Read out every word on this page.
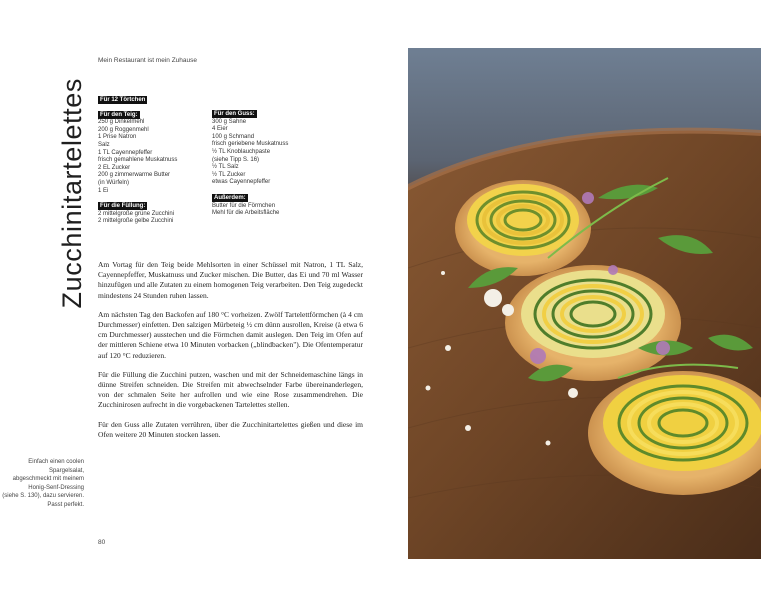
Mein Restaurant ist mein Zuhause
Zucchinitartelettes	Für 12 Törtchen
Für den Teig:
250 g Dinkelmehl
200 g Roggenmehl
1 Prise Natron
Salz
1 TL Cayennepfeffer
frisch gemahlene Muskatnuss
2 EL Zucker
200 g zimmerwarme Butter
(in Würfeln)
1 Ei
Für die Füllung:
2 mittelgroße grüne Zucchini
2 mittelgroße gelbe Zucchini
Für den Guss:
300 g Sahne
4 Eier
100 g Schmand
frisch geriebene Muskatnuss
½ TL Knoblauchpaste
(siehe Tipp S. 16)
½ TL Salz
½ TL Zucker
etwas Cayennepfeffer
Außerdem:
Butter für die Förmchen
Mehl für die Arbeitsfläche

Am Vortag für den Teig beide Mehlsorten in einer Schüssel mit Natron, 1 TL Salz, Cayennepfeffer, Muskatnuss und Zucker mischen. Die Butter, das Ei und 70 ml Wasser hinzufügen und alle Zutaten zu einem homogenen Teig verarbeiten. Den Teig zugedeckt mindestens 24 Stunden ruhen lassen.

Am nächsten Tag den Backofen auf 180 °C vorheizen. Zwölf Tartelettförmchen (à 4 cm Durchmesser) einfetten. Den salzigen Mürbeteig ½ cm dünn ausrollen, Kreise (à etwa 6 cm Durchmesser) ausstechen und die Förmchen damit auslegen. Den Teig im Ofen auf der mittleren Schiene etwa 10 Minuten vorbacken („blindbacken"). Die Ofentemperatur auf 120 °C reduzieren.

Für die Füllung die Zucchini putzen, waschen und mit der Schneidemaschine längs in dünne Streifen schneiden. Die Streifen mit abwechselnder Farbe übereinanderlegen, von der schmalen Seite her aufrollen und wie eine Rose zusammendrehen. Die Zucchinirosen aufrecht in die vorgebackenen Tartelettes stellen.

Für den Guss alle Zutaten verrühren, über die Zucchinitartelettes gießen und diese im Ofen weitere 20 Minuten stocken lassen.

Einfach einen coolen
Spargelsalat,
abgeschmeckt mit meinem
Honig-Senf-Dressing
(siehe S. 130), dazu servieren.
Passt perfekt.
80
